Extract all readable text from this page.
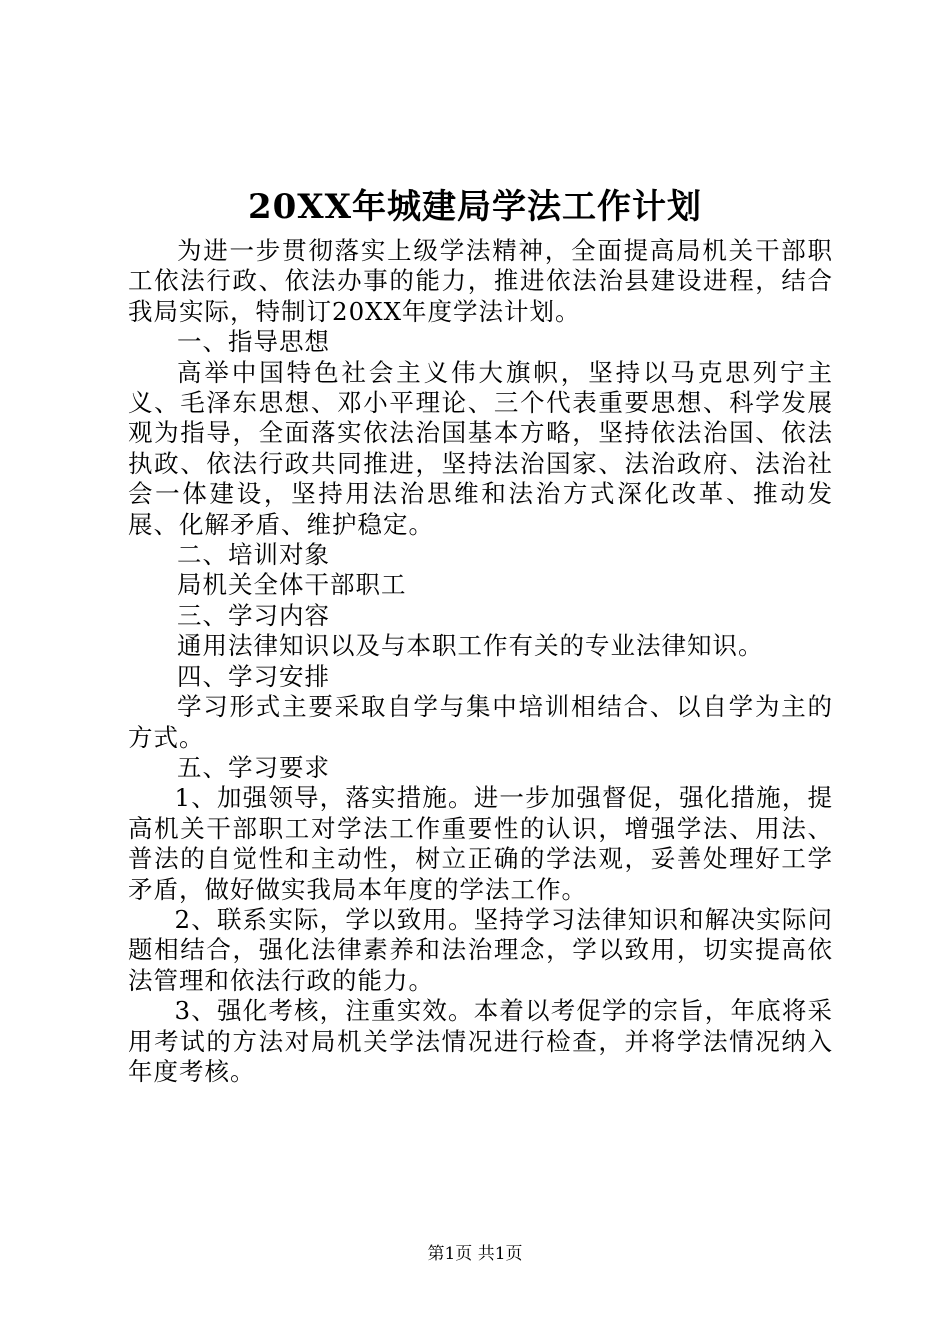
20XX年城建局学法工作计划

为进一步贯彻落实上级学法精神，全面提高局机关干部职工依法行政、依法办事的能力，推进依法治县建设进程，结合我局实际，特制订20XX年度学法计划。

一、指导思想

高举中国特色社会主义伟大旗帜，坚持以马克思列宁主义、毛泽东思想、邓小平理论、三个代表重要思想、科学发展观为指导，全面落实依法治国基本方略，坚持依法治国、依法执政、依法行政共同推进，坚持法治国家、法治政府、法治社会一体建设，坚持用法治思维和法治方式深化改革、推动发展、化解矛盾、维护稳定。

二、培训对象

局机关全体干部职工

三、学习内容

通用法律知识以及与本职工作有关的专业法律知识。

四、学习安排

学习形式主要采取自学与集中培训相结合、以自学为主的方式。

五、学习要求

1、加强领导，落实措施。进一步加强督促，强化措施，提高机关干部职工对学法工作重要性的认识，增强学法、用法、普法的自觉性和主动性，树立正确的学法观，妥善处理好工学矛盾，做好做实我局本年度的学法工作。

2、联系实际，学以致用。坚持学习法律知识和解决实际问题相结合，强化法律素养和法治理念，学以致用，切实提高依法管理和依法行政的能力。

3、强化考核，注重实效。本着以考促学的宗旨，年底将采用考试的方法对局机关学法情况进行检查，并将学法情况纳入年度考核。

第1页 共1页
